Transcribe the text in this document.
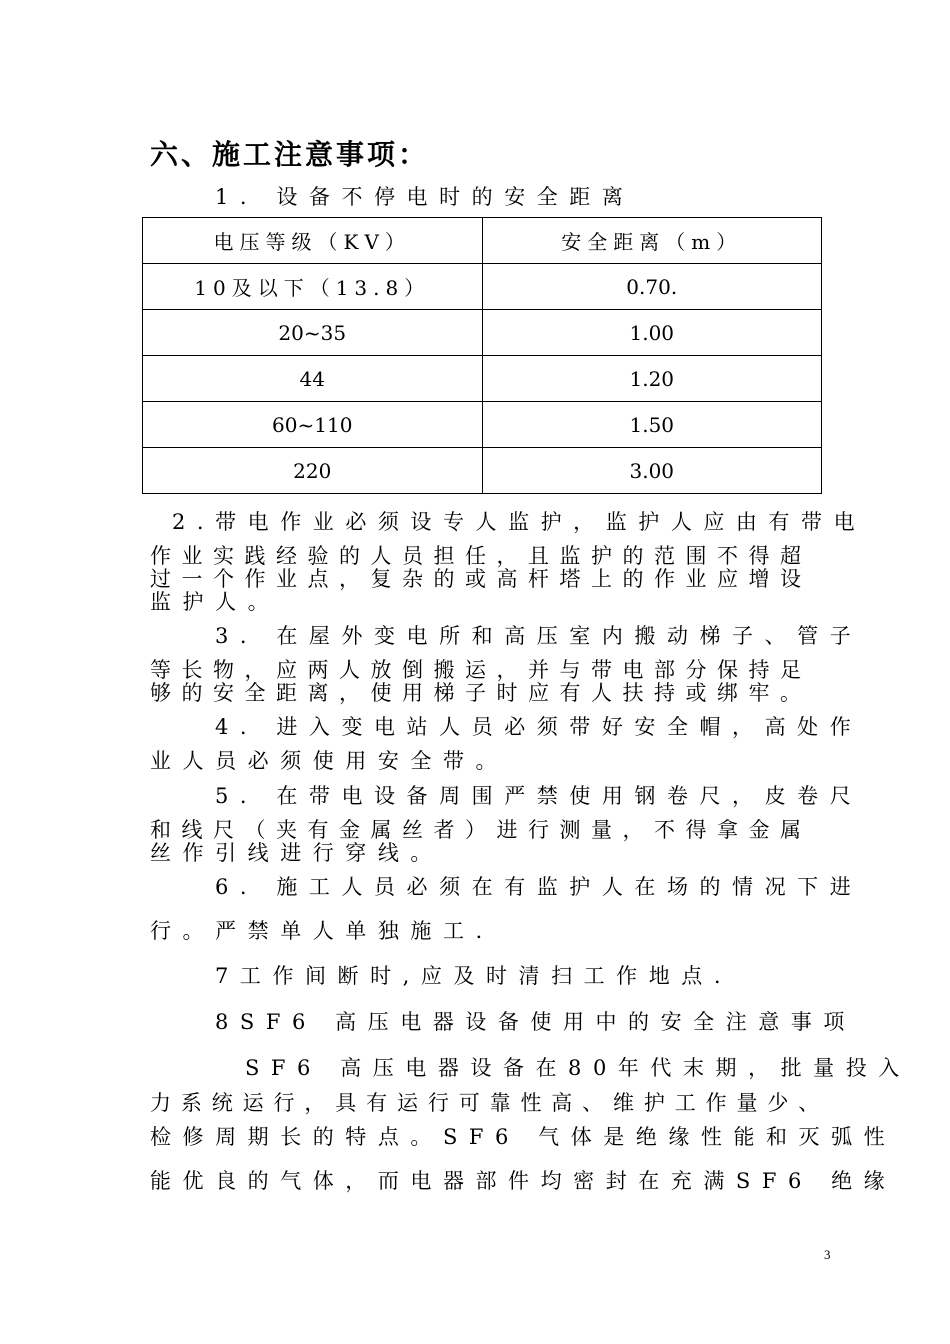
六、施工注意事项：
1. 设备不停电时的安全距离
电压等级（KV）	安全距离（m）
10及以下（13.8）	0.70.
20~35	1.00
44	1.20
60~110	1.50
220	3.00
2.带电作业必须设专人监护，监护人应由有带电
作业实践经验的人员担任，且监护的范围不得超
过一个作业点，复杂的或高杆塔上的作业应增设
监护人。
3. 在屋外变电所和高压室内搬动梯子、管子
等长物，应两人放倒搬运，并与带电部分保持足
够的安全距离，使用梯子时应有人扶持或绑牢。
4. 进入变电站人员必须带好安全帽，高处作
业人员必须使用安全带。
5. 在带电设备周围严禁使用钢卷尺，皮卷尺
和线尺（夹有金属丝者）进行测量，不得拿金属
丝作引线进行穿线。
6. 施工人员必须在有监护人在场的情况下进
行。严禁单人单独施工.
7工作间断时,应及时清扫工作地点.
8SF6 高压电器设备使用中的安全注意事项
SF6 高压电器设备在80年代末期，批量投入
力系统运行，具有运行可靠性高、维护工作量少、
检修周期长的特点。SF6 气体是绝缘性能和灭弧性
能优良的气体，而电器部件均密封在充满SF6 绝缘
3
